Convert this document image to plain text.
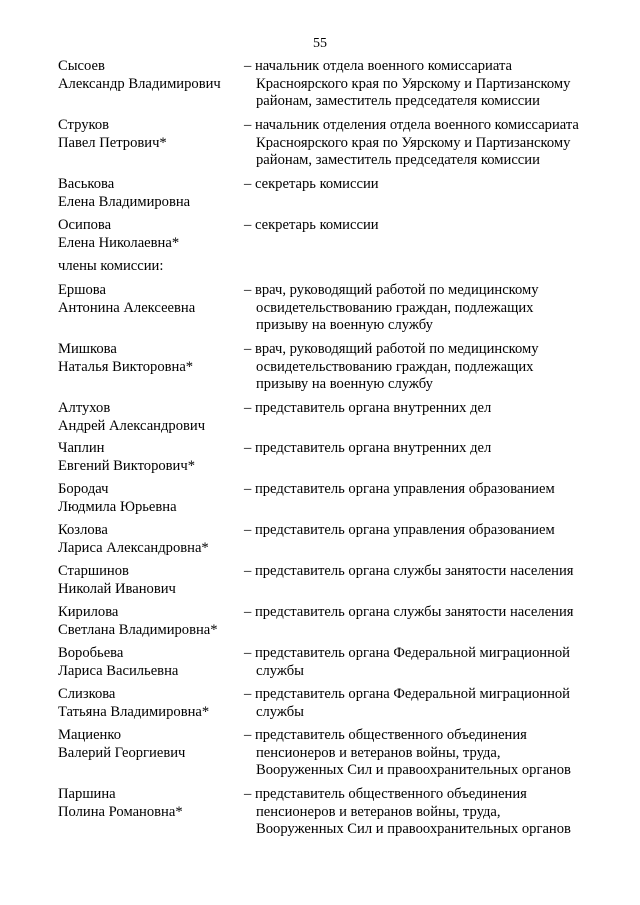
55
Сысоев
Александр Владимирович
– начальник отдела военного комиссариата
Красноярского края по Уярскому и Партизанскому
районам, заместитель председателя комиссии
Струков
Павел Петрович*
– начальник отделения отдела военного комиссариата
Красноярского края по Уярскому и Партизанскому
районам, заместитель председателя комиссии
Васькова
Елена Владимировна
– секретарь комиссии
Осипова
Елена Николаевна*
– секретарь комиссии
члены комиссии:
Ершова
Антонина Алексеевна
– врач, руководящий работой по медицинскому
освидетельствованию граждан, подлежащих
призыву на военную службу
Мишкова
Наталья Викторовна*
– врач, руководящий работой по медицинскому
освидетельствованию граждан, подлежащих
призыву на военную службу
Алтухов
Андрей Александрович
– представитель органа внутренних дел
Чаплин
Евгений Викторович*
– представитель органа внутренних дел
Бородач
Людмила Юрьевна
– представитель органа управления образованием
Козлова
Лариса Александровна*
– представитель органа управления образованием
Старшинов
Николай Иванович
– представитель органа службы занятости населения
Кирилова
Светлана Владимировна*
– представитель органа службы занятости населения
Воробьева
Лариса Васильевна
– представитель органа Федеральной миграционной
службы
Слизкова
Татьяна Владимировна*
– представитель органа Федеральной миграционной
службы
Мациенко
Валерий Георгиевич
– представитель общественного объединения
пенсионеров и ветеранов войны, труда,
Вооруженных Сил и правоохранительных органов
Паршина
Полина Романовна*
– представитель общественного объединения
пенсионеров и ветеранов войны, труда,
Вооруженных Сил и правоохранительных органов
